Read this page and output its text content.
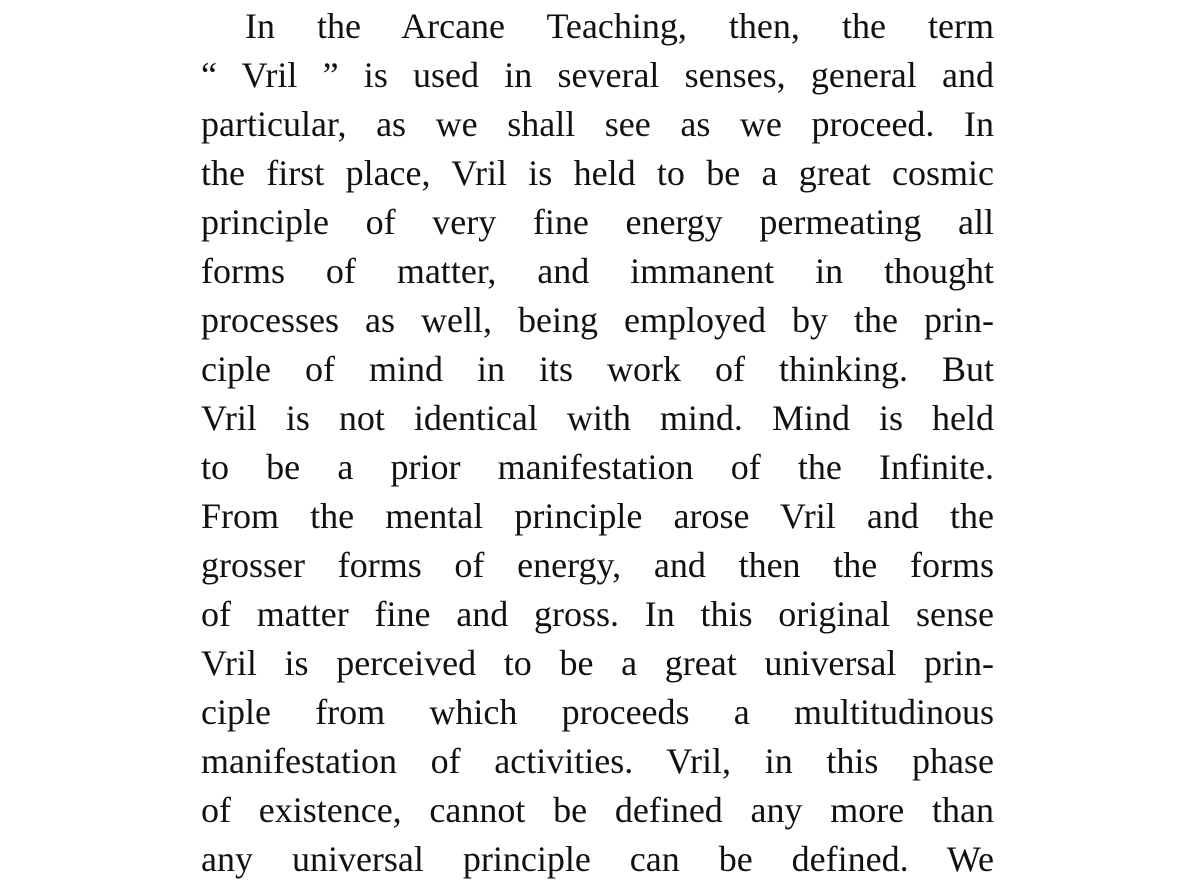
In the Arcane Teaching, then, the term
“ Vril ” is used in several senses, general and
particular, as we shall see as we proceed. In
the first place, Vril is held to be a great cosmic
principle of very fine energy permeating all
forms of matter, and immanent in thought
processes as well, being employed by the prin-
ciple of mind in its work of thinking. But
Vril is not identical with mind. Mind is held
to be a prior manifestation of the Infinite.
From the mental principle arose Vril and the
grosser forms of energy, and then the forms
of matter fine and gross. In this original sense
Vril is perceived to be a great universal prin-
ciple from which proceeds a multitudinous
manifestation of activities. Vril, in this phase
of existence, cannot be defined any more than
any universal principle can be defined. We
